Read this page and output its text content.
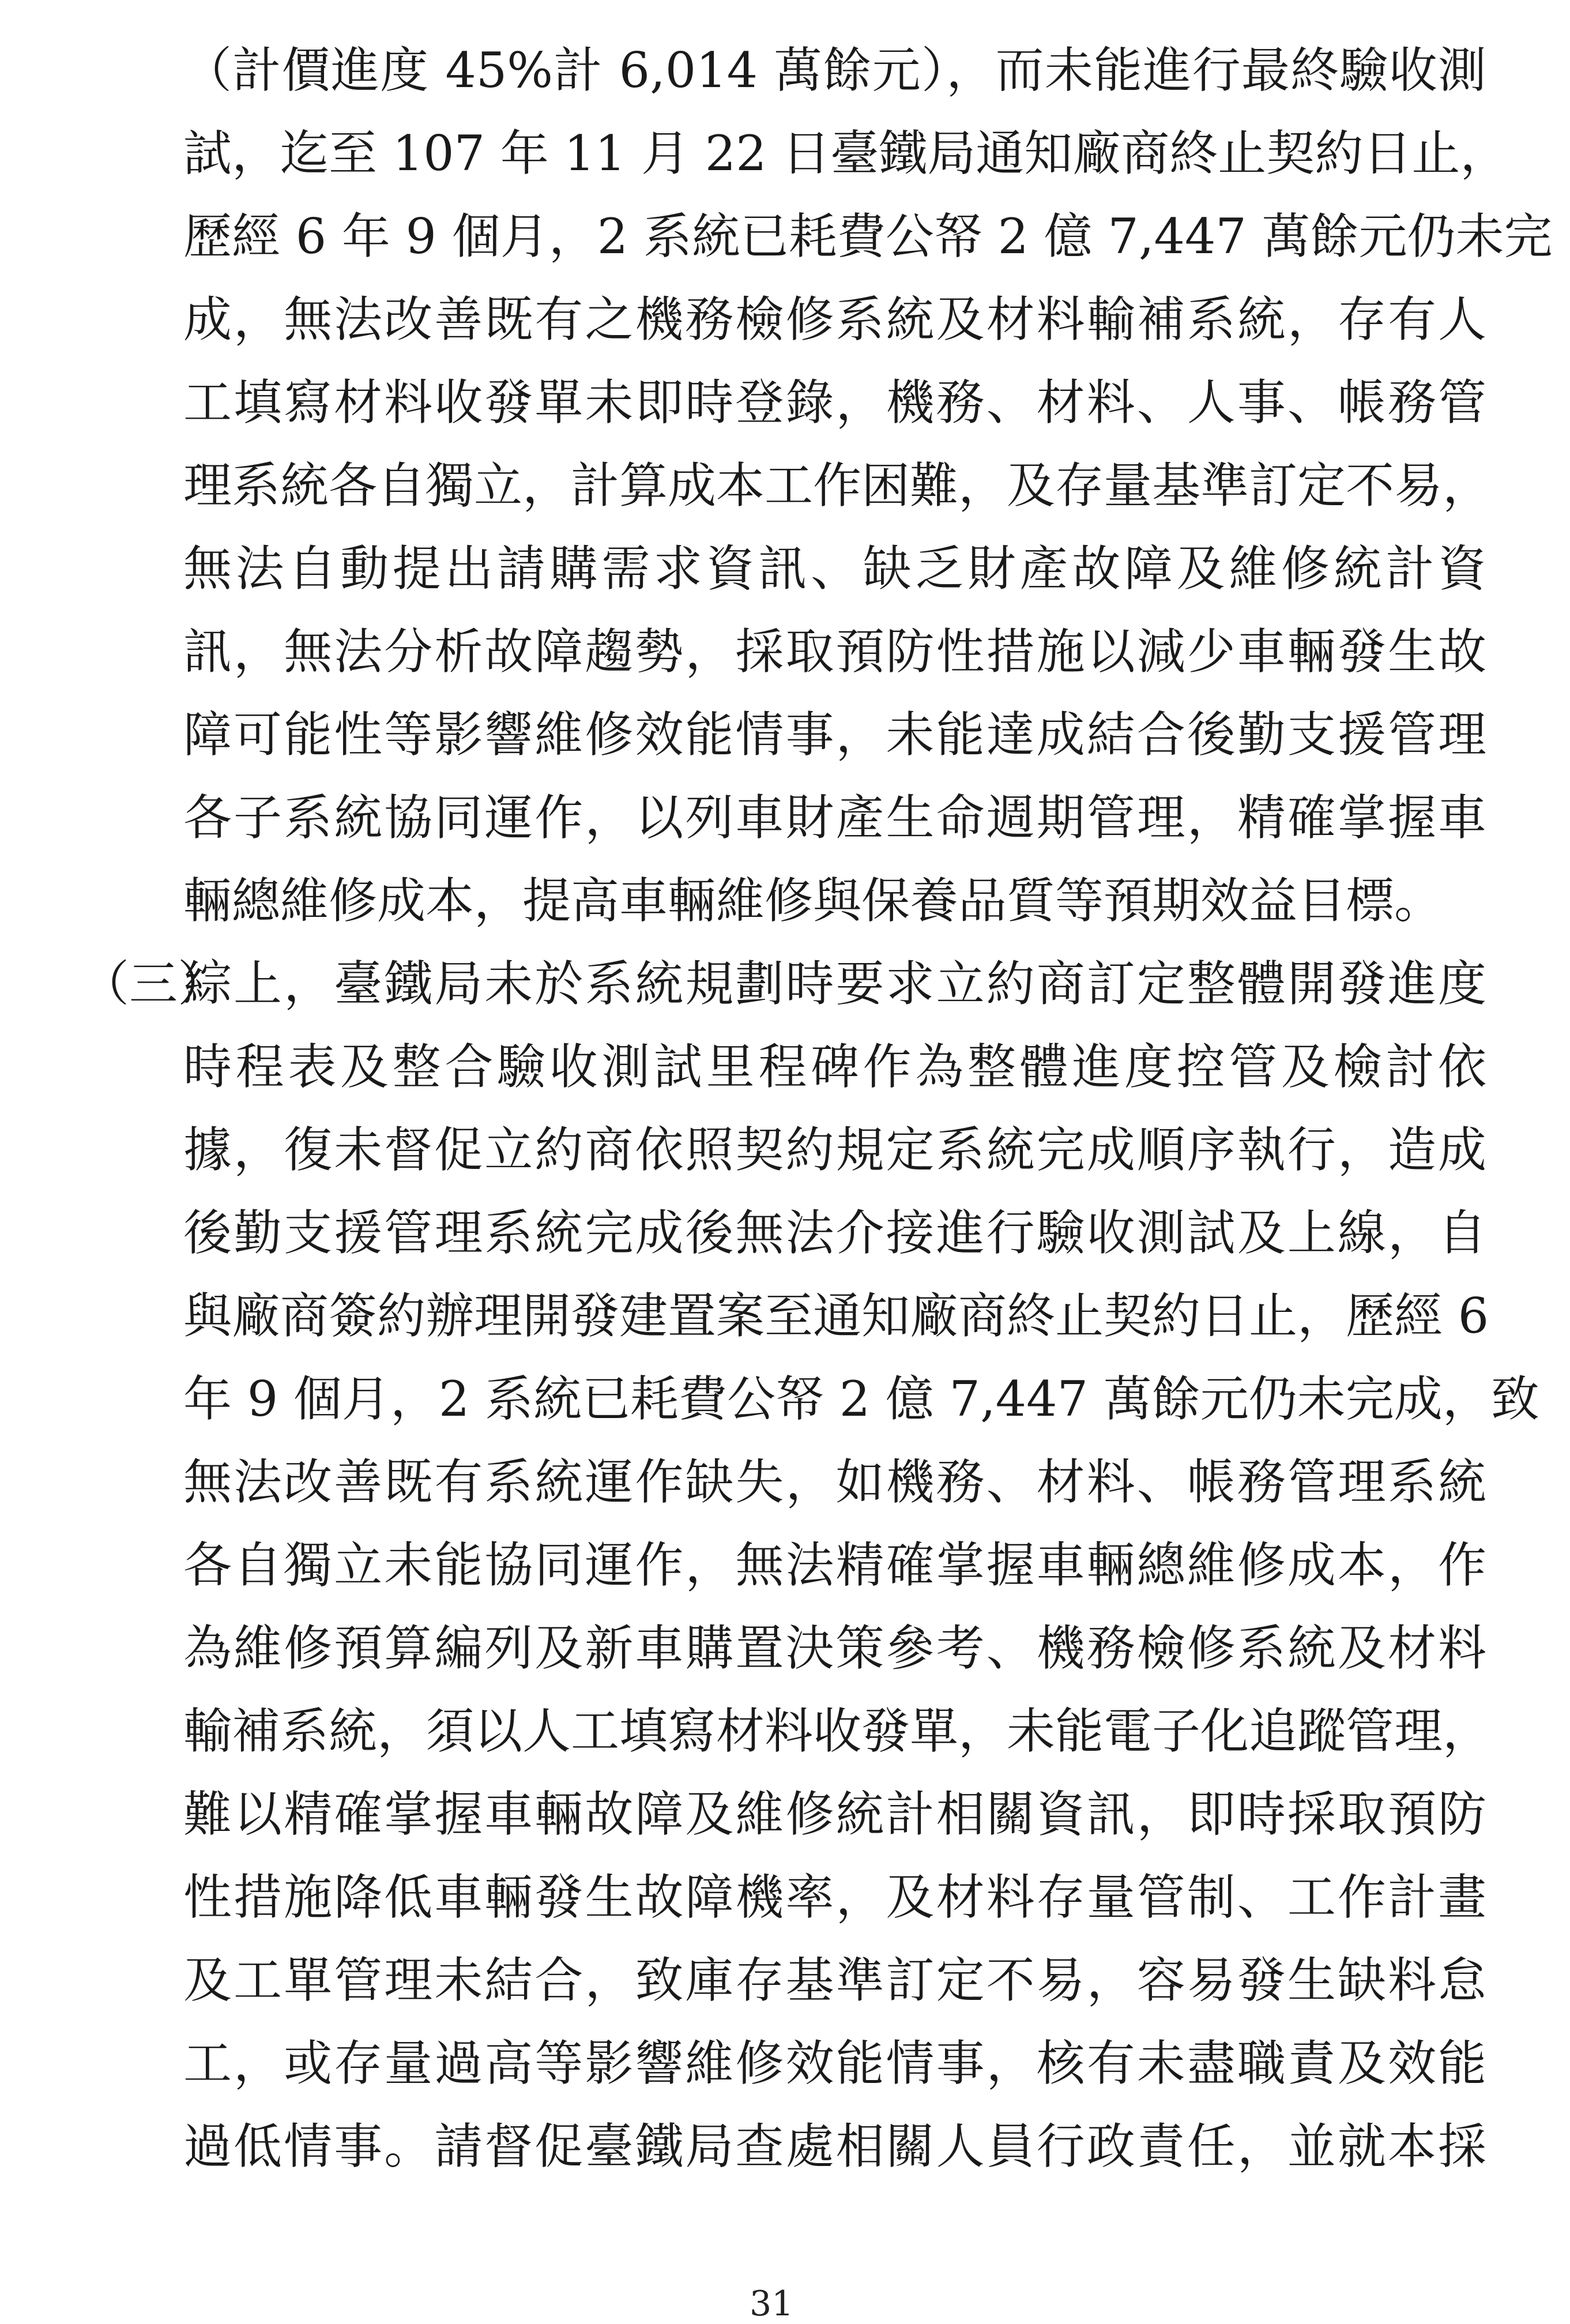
（計價進度 45%計 6,014 萬餘元），而未能進行最終驗收測
試，迄至 107 年 11 月 22 日臺鐵局通知廠商終止契約日止，
歷經 6 年 9 個月，2 系統已耗費公帑 2 億 7,447 萬餘元仍未完
成，無法改善既有之機務檢修系統及材料輸補系統，存有人
工填寫材料收發單未即時登錄，機務、材料、人事、帳務管
理系統各自獨立，計算成本工作困難，及存量基準訂定不易，
無法自動提出請購需求資訊、缺乏財產故障及維修統計資
訊，無法分析故障趨勢，採取預防性措施以減少車輛發生故
障可能性等影響維修效能情事，未能達成結合後勤支援管理
各子系統協同運作，以列車財產生命週期管理，精確掌握車
輛總維修成本，提高車輛維修與保養品質等預期效益目標。
（三）
綜上，臺鐵局未於系統規劃時要求立約商訂定整體開發進度
時程表及整合驗收測試里程碑作為整體進度控管及檢討依
據，復未督促立約商依照契約規定系統完成順序執行，造成
後勤支援管理系統完成後無法介接進行驗收測試及上線，自
與廠商簽約辦理開發建置案至通知廠商終止契約日止，歷經 6
年 9 個月，2 系統已耗費公帑 2 億 7,447 萬餘元仍未完成，致
無法改善既有系統運作缺失，如機務、材料、帳務管理系統
各自獨立未能協同運作，無法精確掌握車輛總維修成本，作
為維修預算編列及新車購置決策參考、機務檢修系統及材料
輸補系統，須以人工填寫材料收發單，未能電子化追蹤管理，
難以精確掌握車輛故障及維修統計相關資訊，即時採取預防
性措施降低車輛發生故障機率，及材料存量管制、工作計畫
及工單管理未結合，致庫存基準訂定不易，容易發生缺料怠
工，或存量過高等影響維修效能情事，核有未盡職責及效能
過低情事。請督促臺鐵局查處相關人員行政責任，並就本採
31
